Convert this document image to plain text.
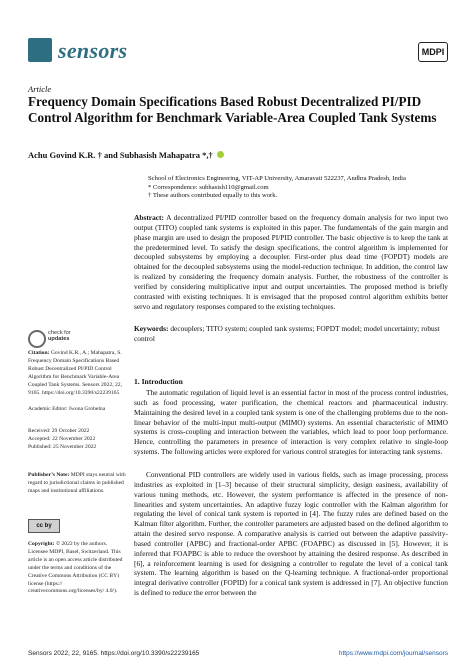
sensors	MDPI
Article
Frequency Domain Specifications Based Robust Decentralized PI/PID Control Algorithm for Benchmark Variable-Area Coupled Tank Systems
Achu Govind K.R. † and Subhasish Mahapatra *,†
School of Electronics Engineering, VIT-AP University, Amaravati 522237, Andhra Pradesh, India
* Correspondence: subhasish110@gmail.com
† These authors contributed equally to this work.
Abstract: A decentralized PI/PID controller based on the frequency domain analysis for two input two output (TITO) coupled tank systems is exploited in this paper. The fundamentals of the gain margin and phase margin are used to design the proposed PI/PID controller. The basic objective is to keep the tank at the predetermined level. To satisfy the design specifications, the control algorithm is implemented for decoupled subsystems by employing a decoupler. First-order plus dead time (FOPDT) models are obtained for the decoupled subsystems using the model-reduction technique. In addition, the control law is realized by considering the frequency domain analysis. Further, the robustness of the controller is verified by considering multiplicative input and output uncertainties. The proposed method is briefly contrasted with existing techniques. It is envisaged that the proposed control algorithm exhibits better servo and regulatory responses compared to the existing techniques.
Keywords: decouplers; TITO system; coupled tank systems; FOPDT model; model uncertainty; robust control
check for
updates
Citation: Govind K.R., A.; Mahapatra, S. Frequency Domain Specifications Based Robust Decentralized PI/PID Control Algorithm for Benchmark Variable-Area Coupled Tank Systems. Sensors 2022, 22, 9165. https://doi.org/10.3390/s22239165
Academic Editor: Iwona Grobelna
Received: 29 October 2022
Accepted: 22 November 2022
Published: 25 November 2022
Publisher’s Note: MDPI stays neutral with regard to jurisdictional claims in published maps and institutional affiliations.
cc by
Copyright: © 2022 by the authors. Licensee MDPI, Basel, Switzerland. This article is an open access article distributed under the terms and conditions of the Creative Commons Attribution (CC BY) license (https:// creativecommons.org/licenses/by/ 4.0/).
1. Introduction
The automatic regulation of liquid level is an essential factor in most of the process control industries, such as food processing, water purification, the chemical reactors and pharmaceutical industry. Maintaining the desired level in a coupled tank system is one of the challenging problems due to the non-linear behavior of the multi-input multi-output (MIMO) systems. An essential characteristic of MIMO systems is cross-coupling and interaction between the variables, which lead to poor loop performance. Hence, controlling the parameters in presence of interaction is very complex relative to single-loop systems. The following articles were explored for various control strategies for interacting tank systems.
Conventional PID controllers are widely used in various fields, such as image processing, process industries as exploited in [1–3] because of their structural simplicity, design easiness, availability of various tuning methods, etc. However, the system performance is affected in the presence of non-linearities and system uncertainties. An adaptive fuzzy logic controller with the Kalman algorithm for regulating the level of conical tank system is reported in [4]. The fuzzy rules are defined based on the Kalman filter algorithm. Further, the controller parameters are adjusted based on the defined algorithm to attain the desired servo response. A comparative analysis is carried out between the adaptive passivity-based controller (APBC) and fractional-order APBC (FOAPBC) as discussed in [5]. However, it is inferred that FOAPBC is able to reduce the overshoot by attaining the desired response. As described in [6], a reinforcement learning is used for designing a controller to regulate the level of a conical tank system. The learning algorithm is based on the Q-learning technique. A fractional-order proportional integral derivative controller (FOPID) for a conical tank system is addressed in [7]. An objective function is defined to reduce the error between the
Sensors 2022, 22, 9165. https://doi.org/10.3390/s22239165	https://www.mdpi.com/journal/sensors
